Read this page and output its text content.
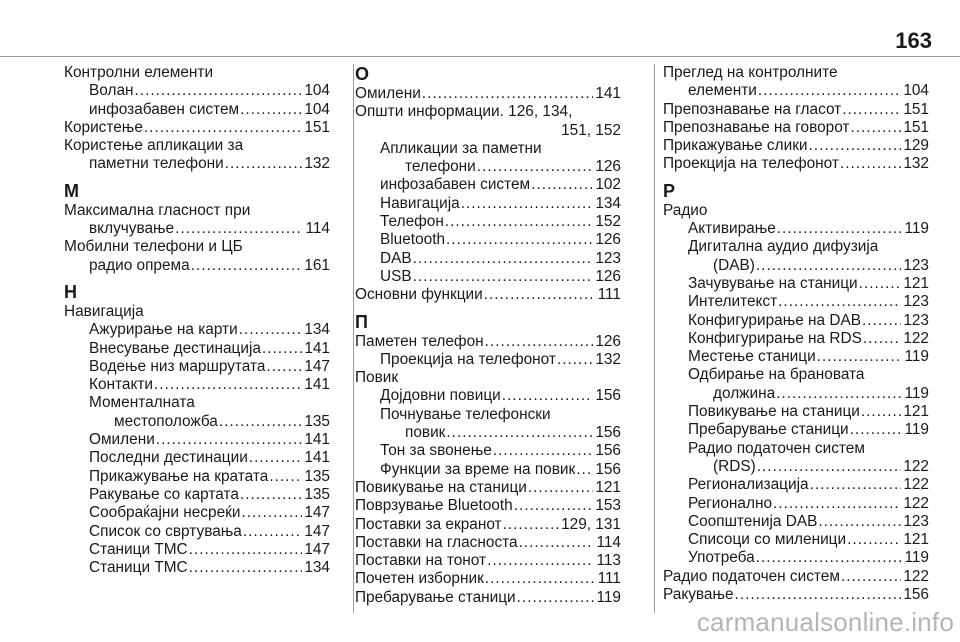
163
Контролни елементи
Волан .....	104
инфозабавен систем .....	104
Користење .....	151
Користење апликации за
паметни телефони .....	132
М
Максимална гласност при
вклучување .....	114
Мобилни телефони и ЦБ
радио опрема .....	161
Н
Навигација
Ажурирање на карти .....	134
Внесување дестинација .....	141
Водење низ маршрутата .....	147
Контакти .....	141
Моменталната
местоположба .....	135
Омилени .....	141
Последни дестинации .....	141
Прикажување на кратата ..... 135
Ракување со картата .....	135
Сообраќајни несреќи .....	147
Список со свртувања .....	147
Станици TMC .....	147
Станици TMC .....	134
О
Омилени .....	141
Општи информации. 126, 134,
151, 152
Апликации за паметни
телефони .....	126
инфозабавен систем .....	102
Навигација .....	134
Телефон .....	152
Bluetooth .....	126
DAB .....	123
USB .....	126
Основни функции .....	111
П
Паметен телефон .....	126
Проекција на телефонот .....	132
Повик
Дојдовни повици .....	156
Почнување телефонски
повик .....	156
Тон за ѕвонење .....	156
Функции за време на повик ..... 156
Повикување на станици .....	121
Поврзување Bluetooth .....	153
Поставки за екранот .....	129, 131
Поставки на гласноста .....	114
Поставки на тонот .....	113
Почетен изборник .....	111
Пребарување станици .....	119
Преглед на контролните
елементи .....	104
Препознавање на гласот .....	151
Препознавање на говорот .....	151
Прикажување слики .....	129
Проекција на телефонот .....	132
Р
Радио
Активирање .....	119
Дигитална аудио дифузија
(DAB) .....	123
Зачувување на станици .....	121
Интелитекст .....	123
Конфигурирање на DAB .....	123
Конфигурирање на RDS .....	122
Местење станици .....	119
Одбирање на брановата
должина .....	119
Повикување на станици .....	121
Пребарување станици .....	119
Радио податочен систем
(RDS) .....	122
Регионализација .....	122
Регионално .....	122
Соопштенија DAB .....	123
Списоци со миленици .....	121
Употреба .....	119
Радио податочен систем .....	122
Ракување .....	156
carmanualsonline.info
